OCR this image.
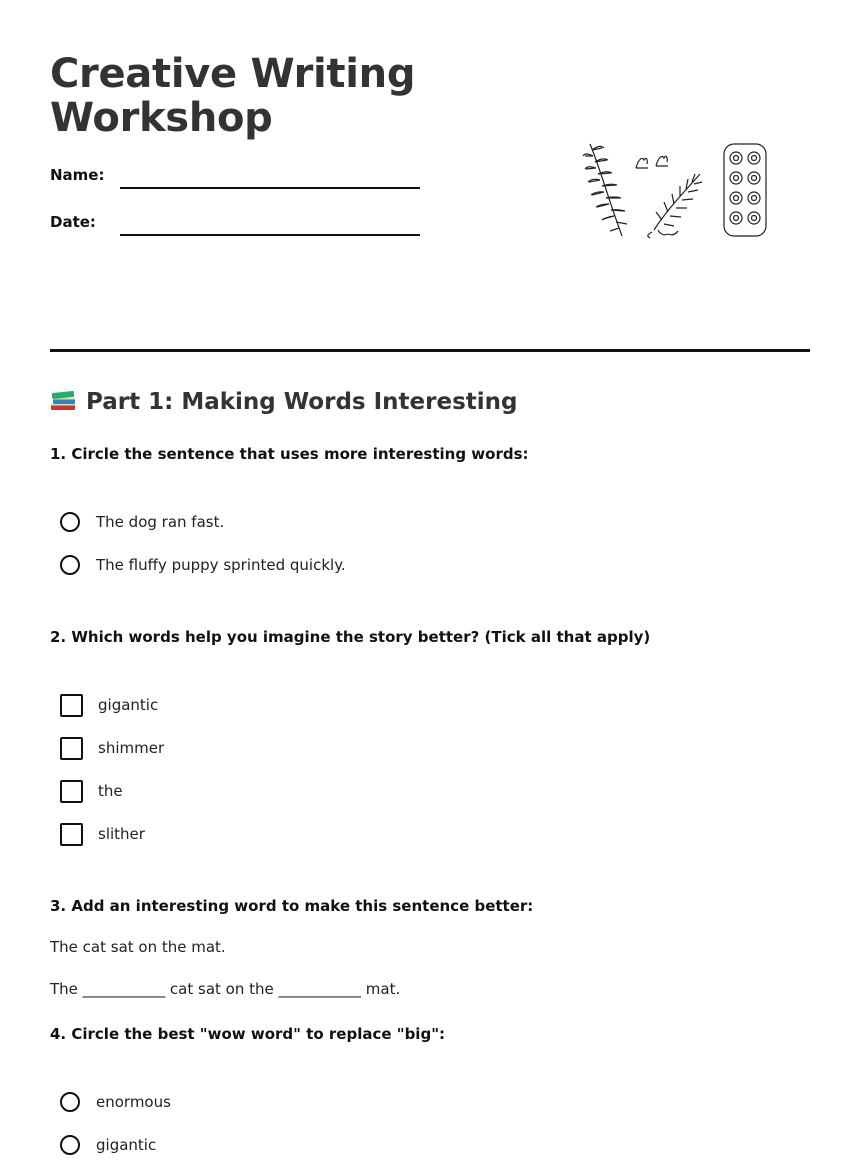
Creative Writing Workshop
Name:
Date:
Part 1: Making Words Interesting
1. Circle the sentence that uses more interesting words:
The dog ran fast.
The fluffy puppy sprinted quickly.
2. Which words help you imagine the story better? (Tick all that apply)
gigantic
shimmer
the
slither
3. Add an interesting word to make this sentence better:
The cat sat on the mat.
The ___________ cat sat on the ___________ mat.
4. Circle the best "wow word" to replace "big":
enormous
gigantic
